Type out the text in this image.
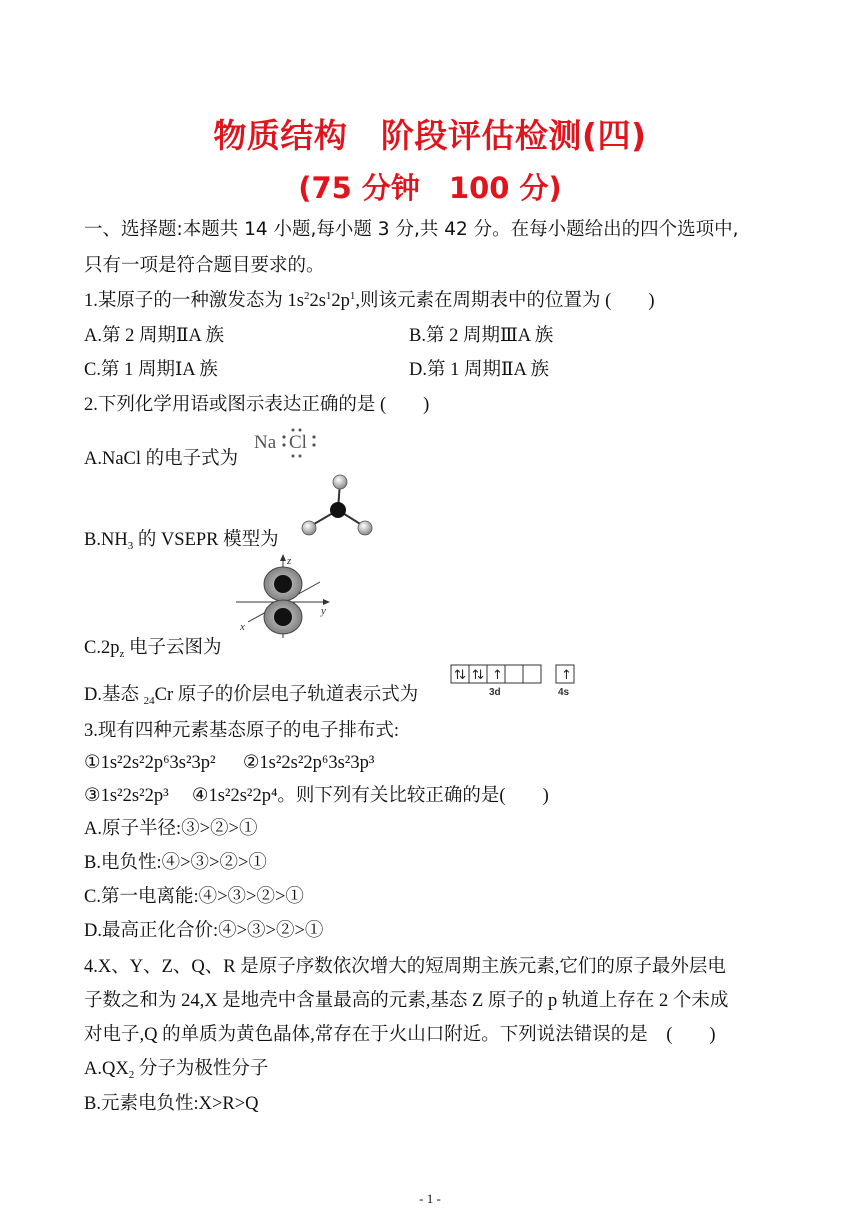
物质结构　阶段评估检测(四)
(75 分钟　100 分)
一、选择题:本题共 14 小题,每小题 3 分,共 42 分。在每小题给出的四个选项中,
只有一项是符合题目要求的。
1.某原子的一种激发态为 $1s^22s^12p^1$,则该元素在周期表中的位置为 (　　)
A.第 2 周期ⅡA 族	B.第 2 周期ⅢA 族
C.第 1 周期ⅠA 族	D.第 1 周期ⅡA 族
2.下列化学用语或图示表达正确的是 (　　)
A.NaCl 的电子式为
Na Cl
$B.NH_3$ 的 VSEPR 模型为
$C.2p_z$ 电子云图为
z
y
x
D.基态 $_{24}$Cr 原子的价层电子轨道表示式为
↑↓ ↑↓ ↑	↑
3d	4s
3.现有四种元素基态原子的电子排布式:
①1s²2s²2p⁶3s²3p² ②1s²2s²2p⁶3s²3p³
③1s²2s²2p³ ④1s²2s²2p⁴。则下列有关比较正确的是(　　)
A.原子半径:③>②>①
B.电负性:④>③>②>①
C.第一电离能:④>③>②>①
D.最高正化合价:④>③>②>①
4.X、Y、Z、Q、R 是原子序数依次增大的短周期主族元素,它们的原子最外层电
子数之和为 24,X 是地壳中含量最高的元素,基态 Z 原子的 p 轨道上存在 2 个未成
对电子,Q 的单质为黄色晶体,常存在于火山口附近。下列说法错误的是　(　　)
$A.QX_2$ 分子为极性分子
B.元素电负性:X>R>Q
- 1 -
